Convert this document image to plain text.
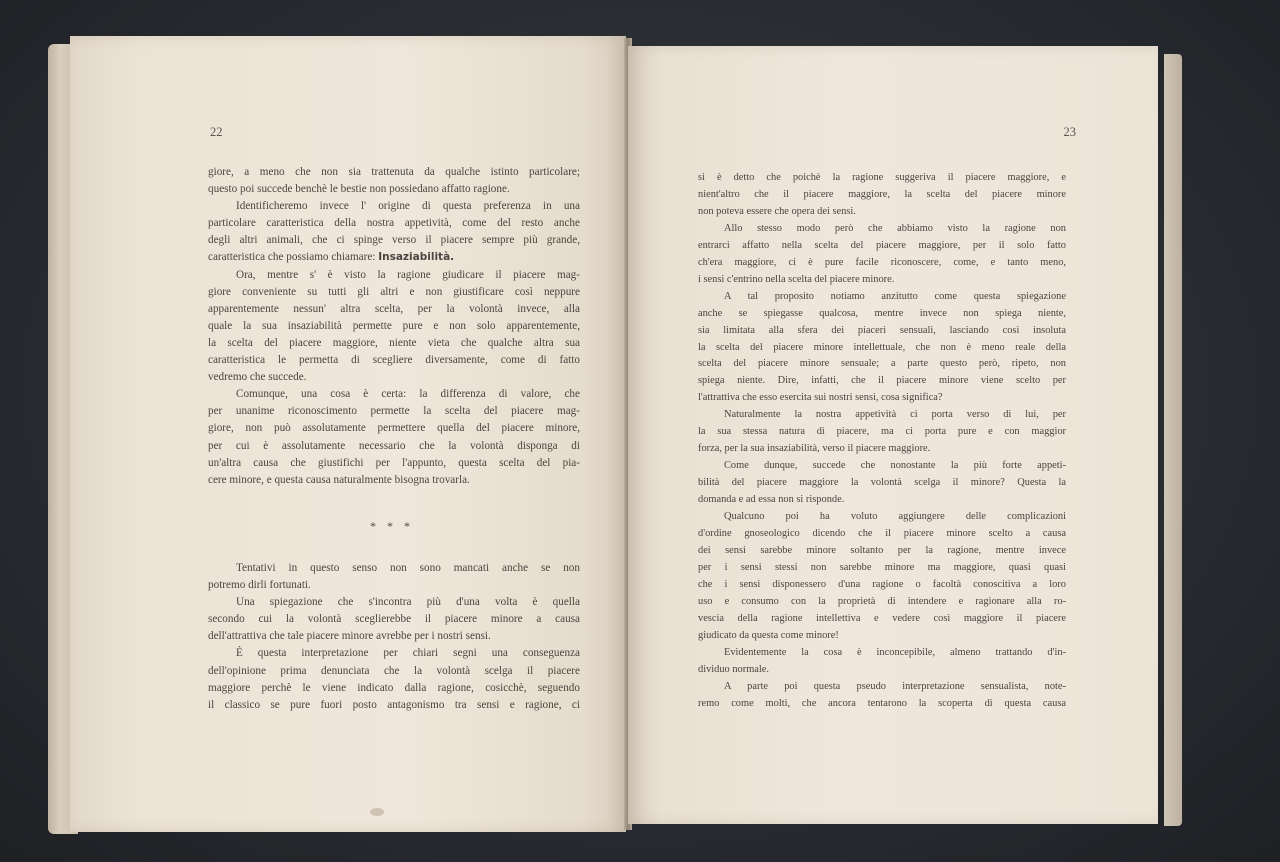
22
giore, a meno che non sia trattenuta da qualche istinto particolare;
questo poi succede benchè le bestie non possiedano affatto ragione.
Identificheremo invece l' origine di questa preferenza in una
particolare caratteristica della nostra appetività, come del resto anche
degli altri animali, che ci spinge verso il piacere sempre più grande,
caratteristica che possiamo chiamare: Insaziabilità.
Ora, mentre s' è visto la ragione giudicare il piacere mag-
giore conveniente su tutti gli altri e non giustificare così neppure
apparentemente nessun' altra scelta, per la volontà invece, alla
quale la sua insaziabilità permette pure e non solo apparentemente,
la scelta del piacere maggiore, niente vieta che qualche altra sua
caratteristica le permetta di scegliere diversamente, come di fatto
vedremo che succede.
Comunque, una cosa è certa: la differenza di valore, che
per unanime riconoscimento permette la scelta del piacere mag-
giore, non può assolutamente permettere quella del piacere minore,
per cui è assolutamente necessario che la volontà disponga di
un'altra causa che giustifichi per l'appunto, questa scelta del pia-
cere minore, e questa causa naturalmente bisogna trovarla.
* * *
Tentativi in questo senso non sono mancati anche se non
potremo dirli fortunati.
Una spiegazione che s'incontra più d'una volta è quella
secondo cui la volontà sceglierebbe il piacere minore a causa
dell'attrattiva che tale piacere minore avrebbe per i nostri sensi.
È questa interpretazione per chiari segni una conseguenza
dell'opinione prima denunciata che la volontà scelga il piacere
maggiore perchè le viene indicato dalla ragione, cosicchè, seguendo
il classico se pure fuori posto antagonismo tra sensi e ragione, ci
23
si è detto che poichè la ragione suggeriva il piacere maggiore, e
nient'altro che il piacere maggiore, la scelta del piacere minore
non poteva essere che opera dei sensi.
Allo stesso modo però che abbiamo visto la ragione non
entrarci affatto nella scelta del piacere maggiore, per il solo fatto
ch'era maggiore, ci è pure facile riconoscere, come, e tanto meno,
i sensi c'entrino nella scelta del piacere minore.
A tal proposito notiamo anzitutto come questa spiegazione
anche se spiegasse qualcosa, mentre invece non spiega niente,
sia limitata alla sfera dei piaceri sensuali, lasciando così insoluta
la scelta del piacere minore intellettuale, che non è meno reale della
scelta del piacere minore sensuale; a parte questo però, ripeto, non
spiega niente. Dire, infatti, che il piacere minore viene scelto per
l'attrattiva che esso esercita sui nostri sensi, cosa significa?
Naturalmente la nostra appetività ci porta verso di lui, per
la sua stessa natura di piacere, ma ci porta pure e con maggior
forza, per la sua insaziabilità, verso il piacere maggiore.
Come dunque, succede che nonostante la più forte appeti-
bilità del piacere maggiore la volontà scelga il minore? Questa la
domanda e ad essa non si risponde.
Qualcuno poi ha voluto aggiungere delle complicazioni
d'ordine gnoseologico dicendo che il piacere minore scelto a causa
dei sensi sarebbe minore soltanto per la ragione, mentre invece
per i sensi stessi non sarebbe minore ma maggiore, quasi quasi
che i sensi disponessero d'una ragione o facoltà conoscitiva a loro
uso e consumo con la proprietà di intendere e ragionare alla ro-
vescia della ragione intellettiva e vedere così maggiore il piacere
giudicato da questa come minore!
Evidentemente la cosa è inconcepibile, almeno trattando d'in-
dividuo normale.
A parte poi questa pseudo interpretazione sensualista, note-
remo come molti, che ancora tentarono la scoperta di questa causa
